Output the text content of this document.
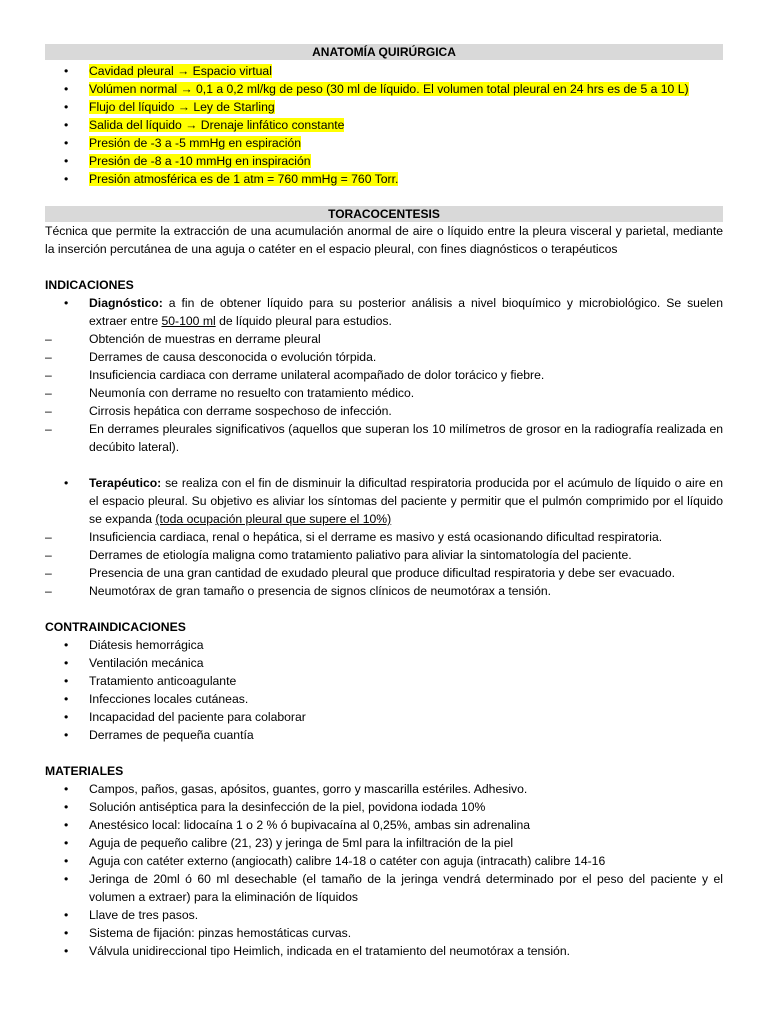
ANATOMÍA QUIRÚRGICA
• Cavidad pleural → Espacio virtual
• Volúmen normal → 0,1 a 0,2 ml/kg de peso (30 ml de líquido. El volumen total pleural en 24 hrs es de 5 a 10 L)
• Flujo del líquido → Ley de Starling
• Salida del líquido → Drenaje linfático constante
• Presión de -3 a -5 mmHg en espiración
• Presión de -8 a -10 mmHg en inspiración
• Presión atmosférica es de 1 atm = 760 mmHg = 760 Torr.
TORACOCENTESIS

Técnica que permite la extracción de una acumulación anormal de aire o líquido entre la pleura visceral y parietal, mediante la inserción percutánea de una aguja o catéter en el espacio pleural, con fines diagnósticos o terapéuticos

INDICACIONES

• Diagnóstico: a fin de obtener líquido para su posterior análisis a nivel bioquímico y microbiológico. Se suelen extraer entre 50-100 ml de líquido pleural para estudios.
–	Obtención de muestras en derrame pleural
–	Derrames de causa desconocida o evolución tórpida.
–	Insuficiencia cardiaca con derrame unilateral acompañado de dolor torácico y fiebre.
–	Neumonía con derrame no resuelto con tratamiento médico.
–	Cirrosis hepática con derrame sospechoso de infección.
–	En derrames pleurales significativos (aquellos que superan los 10 milímetros de grosor en la radiografía realizada en decúbito lateral).
• Terapéutico: se realiza con el fin de disminuir la dificultad respiratoria producida por el acúmulo de líquido o aire en el espacio pleural. Su objetivo es aliviar los síntomas del paciente y permitir que el pulmón comprimido por el líquido se expanda (toda ocupación pleural que supere el 10%)
–	Insuficiencia cardiaca, renal o hepática, si el derrame es masivo y está ocasionando dificultad respiratoria.
–	Derrames de etiología maligna como tratamiento paliativo para aliviar la sintomatología del paciente.
–	Presencia de una gran cantidad de exudado pleural que produce dificultad respiratoria y debe ser evacuado.
–	Neumotórax de gran tamaño o presencia de signos clínicos de neumotórax a tensión.

CONTRAINDICACIONES

• Diátesis hemorrágica
• Ventilación mecánica
• Tratamiento anticoagulante
• Infecciones locales cutáneas.
• Incapacidad del paciente para colaborar
• Derrames de pequeña cuantía

MATERIALES

• Campos, paños, gasas, apósitos, guantes, gorro y mascarilla estériles. Adhesivo.
• Solución antiséptica para la desinfección de la piel, povidona iodada 10%
• Anestésico local: lidocaína 1 o 2 % ó bupivacaína al 0,25%, ambas sin adrenalina
• Aguja de pequeño calibre (21, 23) y jeringa de 5ml para la infiltración de la piel
• Aguja con catéter externo (angiocath) calibre 14-18 o catéter con aguja (intracath) calibre 14-16
• Jeringa de 20ml ó 60 ml desechable (el tamaño de la jeringa vendrá determinado por el peso del paciente y el volumen a extraer) para la eliminación de líquidos
• Llave de tres pasos.
• Sistema de fijación: pinzas hemostáticas curvas.
• Válvula unidireccional tipo Heimlich, indicada en el tratamiento del neumotórax a tensión.
